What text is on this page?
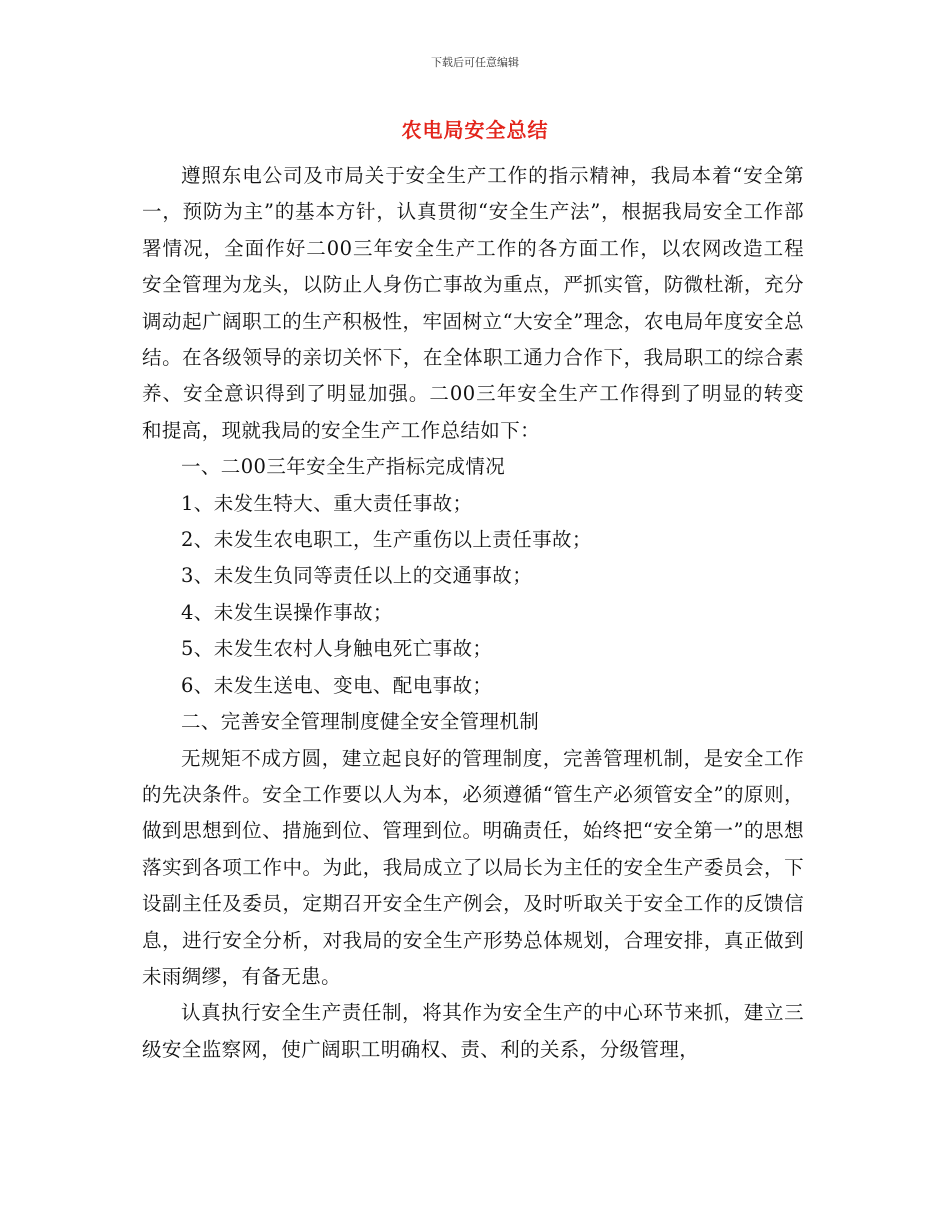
下载后可任意编辑
农电局安全总结

遵照东电公司及市局关于安全生产工作的指示精神，我局本着“安全第一，预防为主”的基本方针，认真贯彻“安全生产法”，根据我局安全工作部署情况，全面作好二00三年安全生产工作的各方面工作，以农网改造工程安全管理为龙头，以防止人身伤亡事故为重点，严抓实管，防微杜渐，充分调动起广阔职工的生产积极性，牢固树立“大安全”理念，农电局年度安全总结。在各级领导的亲切关怀下，在全体职工通力合作下，我局职工的综合素养、安全意识得到了明显加强。二00三年安全生产工作得到了明显的转变和提高，现就我局的安全生产工作总结如下：

一、二00三年安全生产指标完成情况

1、未发生特大、重大责任事故；

2、未发生农电职工，生产重伤以上责任事故；

3、未发生负同等责任以上的交通事故；

4、未发生误操作事故；

5、未发生农村人身触电死亡事故；

6、未发生送电、变电、配电事故；

二、完善安全管理制度健全安全管理机制

无规矩不成方圆，建立起良好的管理制度，完善管理机制，是安全工作的先决条件。安全工作要以人为本，必须遵循“管生产必须管安全”的原则，做到思想到位、措施到位、管理到位。明确责任，始终把“安全第一”的思想落实到各项工作中。为此，我局成立了以局长为主任的安全生产委员会，下设副主任及委员，定期召开安全生产例会，及时听取关于安全工作的反馈信息，进行安全分析，对我局的安全生产形势总体规划，合理安排，真正做到未雨绸缪，有备无患。

认真执行安全生产责任制，将其作为安全生产的中心环节来抓，建立三级安全监察网，使广阔职工明确权、责、利的关系，分级管理，
